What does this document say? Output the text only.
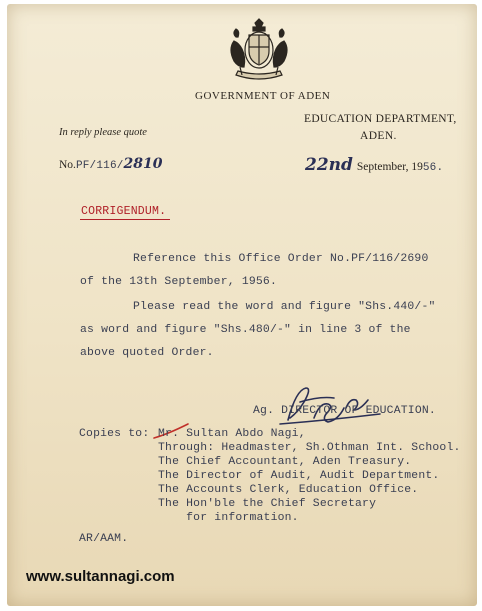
GOVERNMENT OF ADEN
EDUCATION DEPARTMENT,
ADEN.
In reply please quote
No.PF/116/2810	22nd September, 1956.
CORRIGENDUM.
Reference this Office Order No.PF/116/2690
of the 13th September, 1956.
Please read the word and figure "Shs.440/-"
as word and figure "Shs.480/-" in line 3 of the
above quoted Order.
Ag. DIRECTOR OF EDUCATION.
Copies to: Mr. Sultan Abdo Nagi,
Through: Headmaster, Sh.Othman Int. School.
The Chief Accountant, Aden Treasury.
The Director of Audit, Audit Department.
The Accounts Clerk, Education Office.
The Hon'ble the Chief Secretary
for information.
AR/AAM.
www.sultannagi.com
